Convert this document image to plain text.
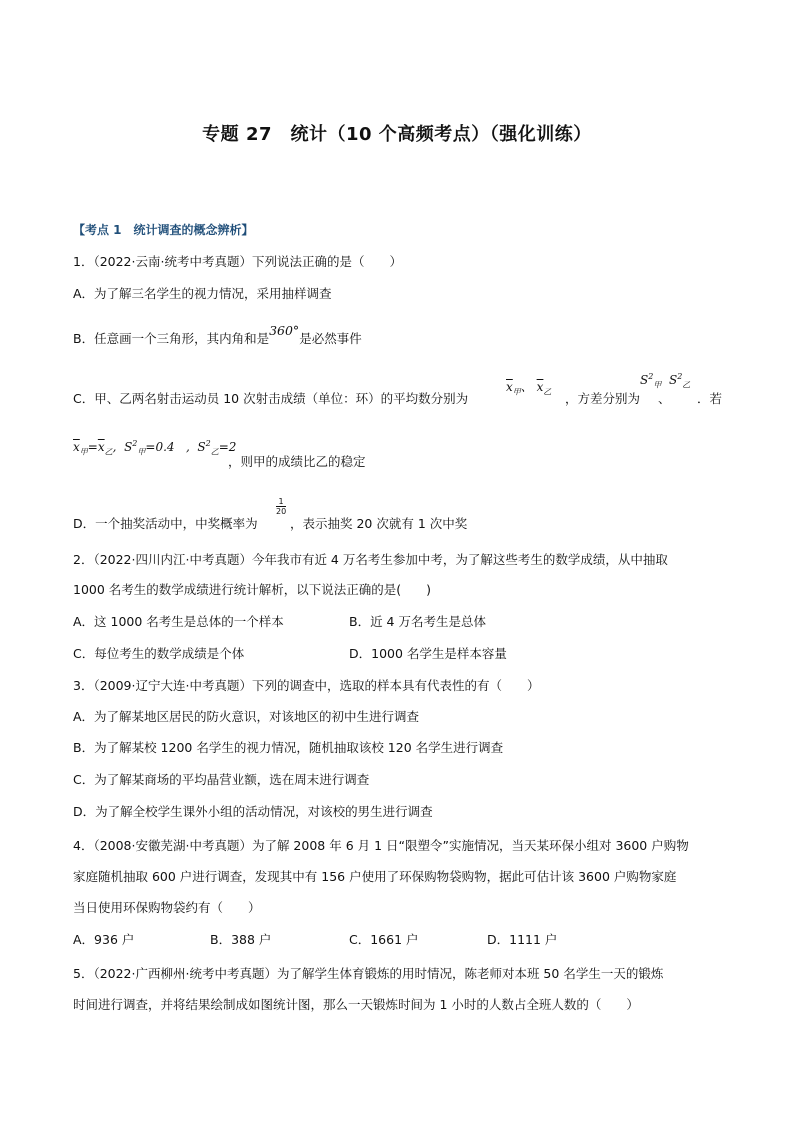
专题 27　统计（10 个高频考点）（强化训练）
【考点 1　统计调查的概念辨析】
1．（2022·云南·统考中考真题）下列说法正确的是（　　）
A．为了解三名学生的视力情况，采用抽样调查
B．任意画一个三角形，其内角和是360°是必然事件
C．甲、乙两名射击运动员 10 次射击成绩（单位：环）的平均数分别为
$\overline{x}_甲$、 $\overline{x}_乙$ ，方差分别为
$S^2_甲$  $S^2_乙$
、 ．若
$\overline{x}_甲=\overline{x}_乙$,  $S^2_甲=0.4$   ,  $S^2_乙=2$
，则甲的成绩比乙的稳定
D．一个抽奖活动中，中奖概率为
$\frac{1}{20}$
，表示抽奖 20 次就有 1 次中奖
2．（2022·四川内江·中考真题）今年我市有近 4 万名考生参加中考，为了解这些考生的数学成绩，从中抽取
1000 名考生的数学成绩进行统计解析，以下说法正确的是(　　)
A．这 1000 名考生是总体的一个样本	B．近 4 万名考生是总体
C．每位考生的数学成绩是个体	D．1000 名学生是样本容量
3．（2009·辽宁大连·中考真题）下列的调查中，选取的样本具有代表性的有（　　）
A．为了解某地区居民的防火意识，对该地区的初中生进行调查
B．为了解某校 1200 名学生的视力情况，随机抽取该校 120 名学生进行调查
C．为了解某商场的平均晶营业额，选在周末进行调查
D．为了解全校学生课外小组的活动情况，对该校的男生进行调查
4．（2008·安徽芜湖·中考真题）为了解 2008 年 6 月 1 日“限塑令”实施情况，当天某环保小组对 3600 户购物
家庭随机抽取 600 户进行调查，发现其中有 156 户使用了环保购物袋购物，据此可估计该 3600 户购物家庭
当日使用环保购物袋约有（　　）
A．936 户	B．388 户	C．1661 户	D．1111 户
5．（2022·广西柳州·统考中考真题）为了解学生体育锻炼的用时情况，陈老师对本班 50 名学生一天的锻炼
时间进行调查，并将结果绘制成如图统计图，那么一天锻炼时间为 1 小时的人数占全班人数的（　　）
